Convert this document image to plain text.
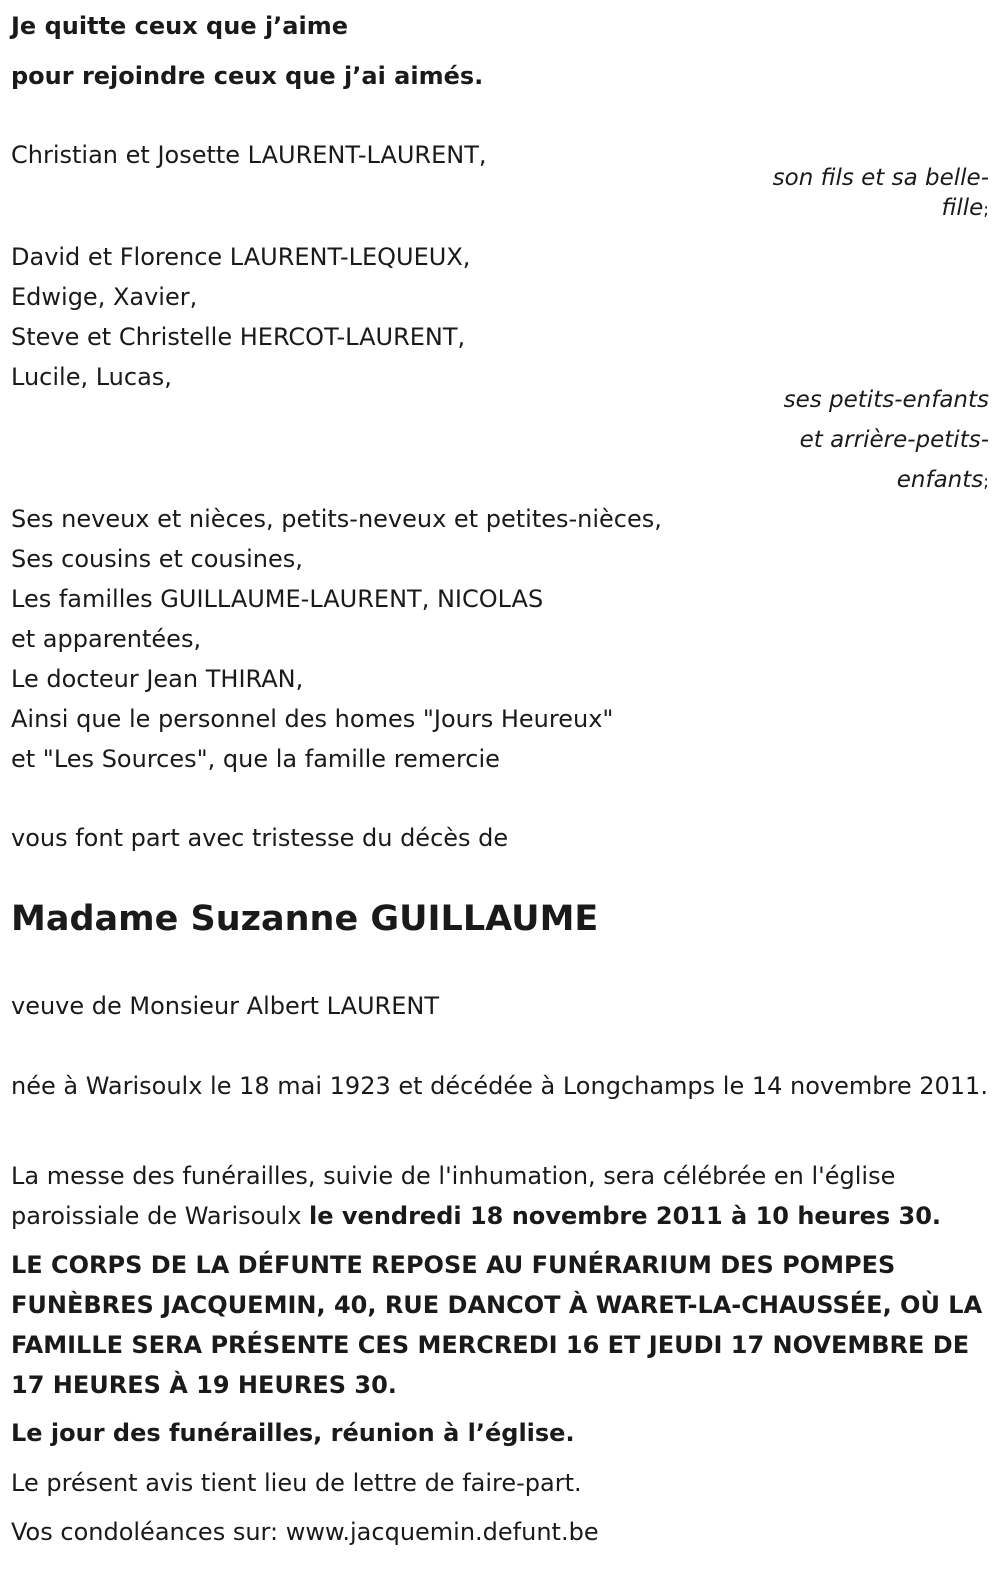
Je quitte ceux que j’aime
pour rejoindre ceux que j’ai aimés.
Christian et Josette LAURENT-LAURENT,
son fils et sa belle-
fille;
David et Florence LAURENT-LEQUEUX,
Edwige, Xavier,
Steve et Christelle HERCOT-LAURENT,
Lucile, Lucas,
ses petits-enfants
et arrière-petits-
enfants;
Ses neveux et nièces, petits-neveux et petites-nièces,
Ses cousins et cousines,
Les familles GUILLAUME-LAURENT, NICOLAS
et apparentées,
Le docteur Jean THIRAN,
Ainsi que le personnel des homes "Jours Heureux"
et "Les Sources", que la famille remercie
vous font part avec tristesse du décès de
Madame Suzanne GUILLAUME
veuve de Monsieur Albert LAURENT
née à Warisoulx le 18 mai 1923 et décédée à Longchamps le 14 novembre 2011.
La messe des funérailles, suivie de l'inhumation, sera célébrée en l'église paroissiale de Warisoulx le vendredi 18 novembre 2011 à 10 heures 30.
LE CORPS DE LA DÉFUNTE REPOSE AU FUNÉRARIUM DES POMPES FUNÈBRES JACQUEMIN, 40, RUE DANCOT À WARET-LA-CHAUSSÉE, OÙ LA FAMILLE SERA PRÉSENTE CES MERCREDI 16 ET JEUDI 17 NOVEMBRE DE 17 HEURES À 19 HEURES 30.
Le jour des funérailles, réunion à l’église.
Le présent avis tient lieu de lettre de faire-part.
Vos condoléances sur: www.jacquemin.defunt.be
